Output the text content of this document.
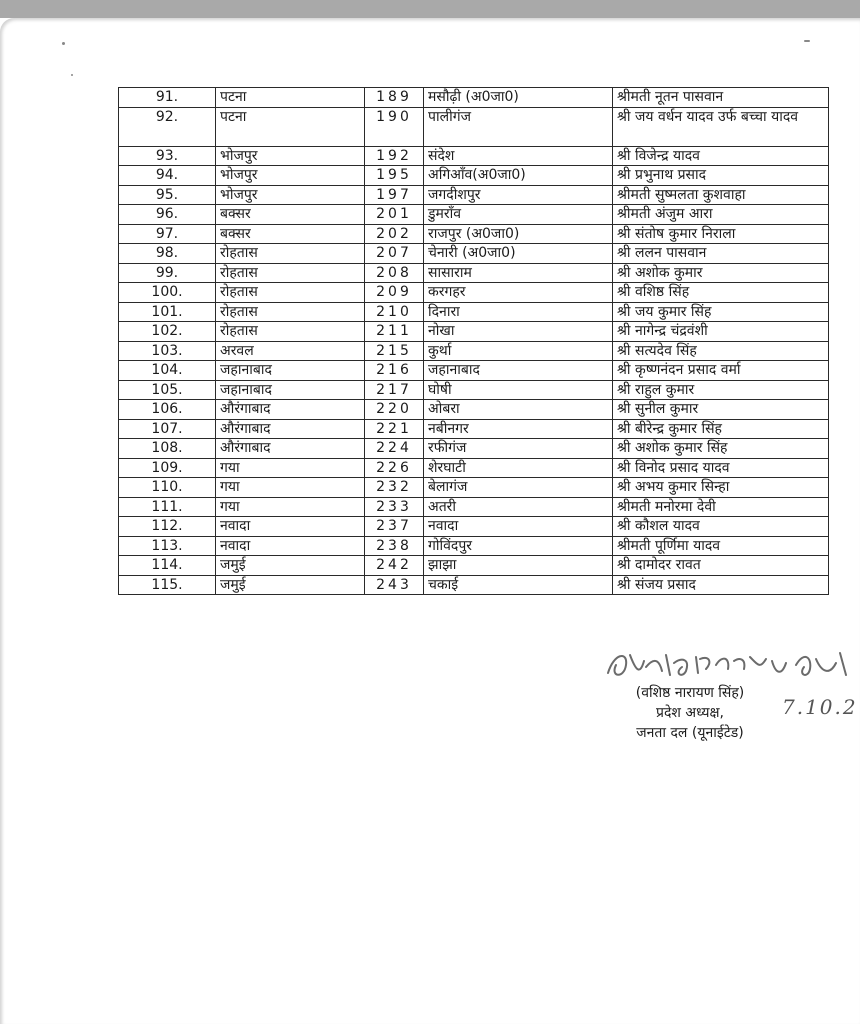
91.	पटना	189	मसौढ़ी (अ0जा0)	श्रीमती नूतन पासवान
92.	पटना	190	पालीगंज	श्री जय वर्धन यादव उर्फ बच्चा यादव
93.	भोजपुर	192	संदेश	श्री विजेन्द्र यादव
94.	भोजपुर	195	अगिआँव(अ0जा0)	श्री प्रभुनाथ प्रसाद
95.	भोजपुर	197	जगदीशपुर	श्रीमती सुष्मलता कुशवाहा
96.	बक्सर	201	डुमराँव	श्रीमती अंजुम आरा
97.	बक्सर	202	राजपुर (अ0जा0)	श्री संतोष कुमार निराला
98.	रोहतास	207	चेनारी (अ0जा0)	श्री ललन पासवान
99.	रोहतास	208	सासाराम	श्री अशोक कुमार
100.	रोहतास	209	करगहर	श्री वशिष्ठ सिंह
101.	रोहतास	210	दिनारा	श्री जय कुमार सिंह
102.	रोहतास	211	नोखा	श्री नागेन्द्र चंद्रवंशी
103.	अरवल	215	कुर्था	श्री सत्यदेव सिंह
104.	जहानाबाद	216	जहानाबाद	श्री कृष्णनंदन प्रसाद वर्मा
105.	जहानाबाद	217	घोषी	श्री राहुल कुमार
106.	औरंगाबाद	220	ओबरा	श्री सुनील कुमार
107.	औरंगाबाद	221	नबीनगर	श्री बीरेन्द्र कुमार सिंह
108.	औरंगाबाद	224	रफीगंज	श्री अशोक कुमार सिंह
109.	गया	226	शेरघाटी	श्री विनोद प्रसाद यादव
110.	गया	232	बेलागंज	श्री अभय कुमार सिन्हा
111.	गया	233	अतरी	श्रीमती मनोरमा देवी
112.	नवादा	237	नवादा	श्री कौशल यादव
113.	नवादा	238	गोविंदपुर	श्रीमती पूर्णिमा यादव
114.	जमुई	242	झाझा	श्री दामोदर रावत
115.	जमुई	243	चकाई	श्री संजय प्रसाद
(वशिष्ठ नारायण सिंह)
प्रदेश अध्यक्ष,
जनता दल (यूनाईटेड)
7.10.2
